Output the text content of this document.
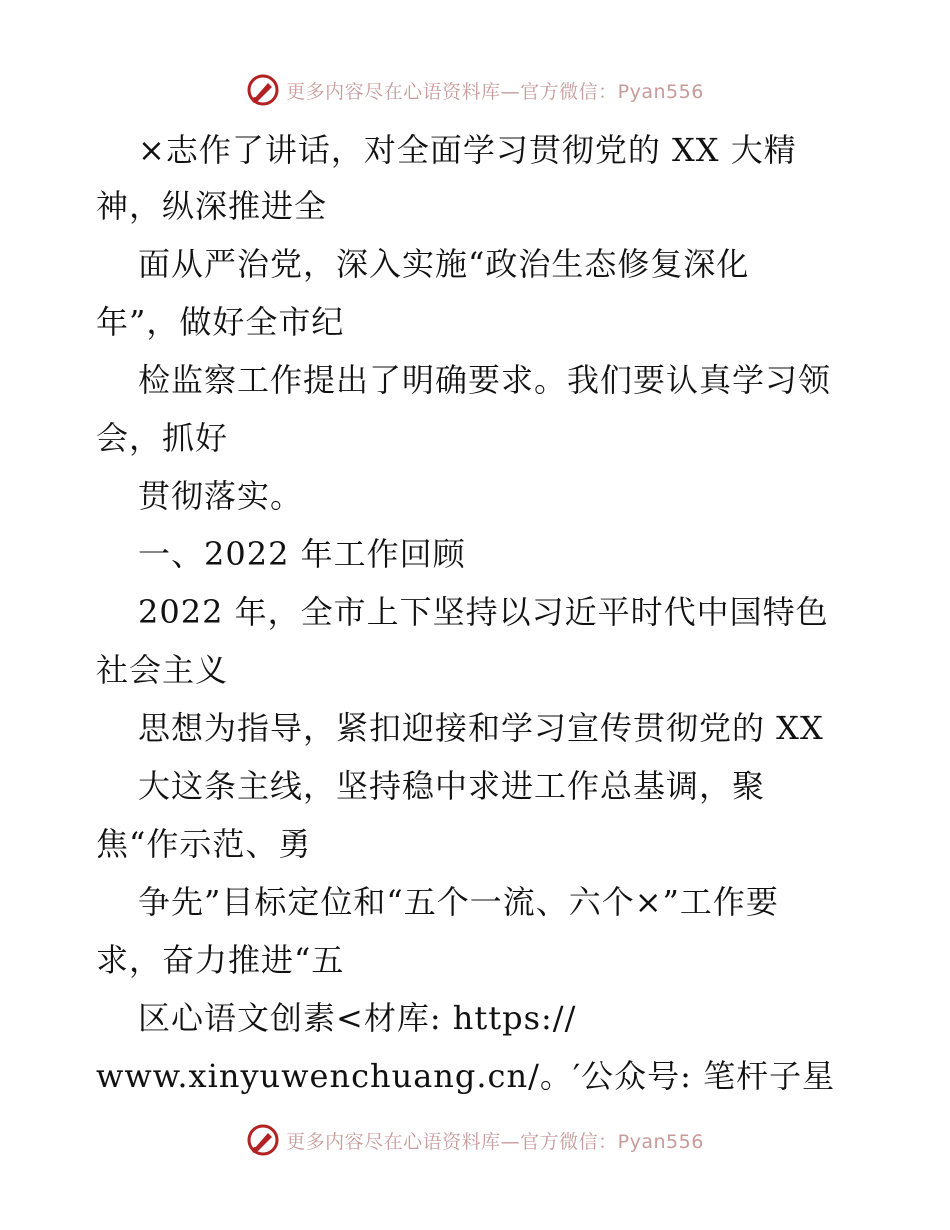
更多内容尽在心语资料库—官方微信：Pyan556
×志作了讲话，对全面学习贯彻党的 XX 大精
神，纵深推进全
面从严治党，深入实施“政治生态修复深化
年”，做好全市纪
检监察工作提出了明确要求。我们要认真学习领
会，抓好
贯彻落实。
一、2022 年工作回顾
2022 年，全市上下坚持以习近平时代中国特色
社会主义
思想为指导，紧扣迎接和学习宣传贯彻党的 XX
大这条主线，坚持稳中求进工作总基调，聚
焦“作示范、勇
争先”目标定位和“五个一流、六个×”工作要
求，奋力推进“五
区心语文创素<材库: https://
www.xinyuwenchuang.cn/。′公众号: 笔杆子星
更多内容尽在心语资料库—官方微信：Pyan556
